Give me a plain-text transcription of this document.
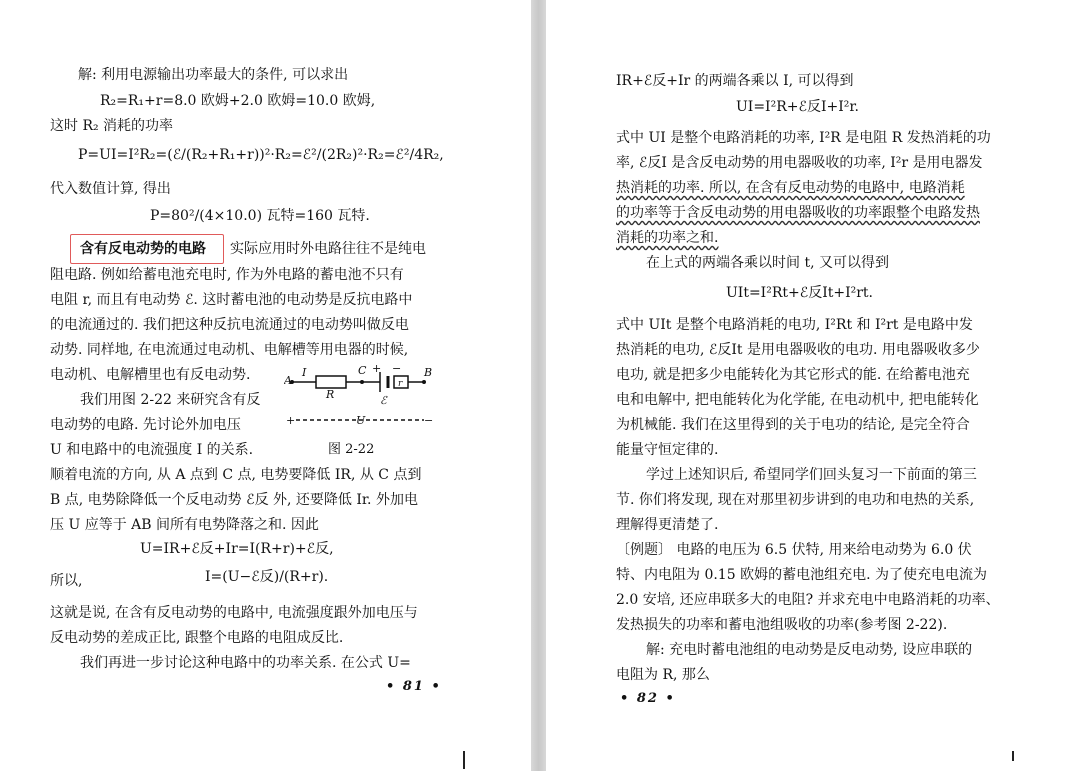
解: 利用电源输出功率最大的条件, 可以求出
R₂=R₁+r=8.0 欧姆+2.0 欧姆=10.0 欧姆,
这时 R₂ 消耗的功率
P=UI=I²R₂=(ℰ/(R₂+R₁+r))²·R₂=ℰ²/(2R₂)²·R₂=ℰ²/4R₂,
代入数值计算, 得出
P=80²/(4×10.0) 瓦特=160 瓦特.
含有反电动势的电路 实际应用时外电路往往不是纯电
阻电路. 例如给蓄电池充电时, 作为外电路的蓄电池不只有
电阻 r, 而且有电动势 ℰ. 这时蓄电池的电动势是反抗电路中
的电流通过的. 我们把这种反抗电流通过的电动势叫做反电
动势. 同样地, 在电流通过电动机、电解槽等用电器的时候,
电动机、电解槽里也有反电动势.
我们用图 2-22 来研究含有反
电动势的电路. 先讨论外加电压
U 和电路中的电流强度 I 的关系.
A
I
R
C + −
ℰ
r
B
+	U	−
图 2-22
顺着电流的方向, 从 A 点到 C 点, 电势要降低 IR, 从 C 点到
B 点, 电势除降低一个反电动势 ℰ反 外, 还要降低 Ir. 外加电
压 U 应等于 AB 间所有电势降落之和. 因此
U=IR+ℰ反+Ir=I(R+r)+ℰ反,
所以,	I=(U−ℰ反)/(R+r).
这就是说, 在含有反电动势的电路中, 电流强度跟外加电压与
反电动势的差成正比, 跟整个电路的电阻成反比.
我们再进一步讨论这种电路中的功率关系. 在公式 U=
• 81 •
IR+ℰ反+Ir 的两端各乘以 I, 可以得到
UI=I²R+ℰ反I+I²r.
式中 UI 是整个电路消耗的功率, I²R 是电阻 R 发热消耗的功
率, ℰ反I 是含反电动势的用电器吸收的功率, I²r 是用电器发
热消耗的功率. 所以, 在含有反电动势的电路中, 电路消耗
的功率等于含反电动势的用电器吸收的功率跟整个电路发热
消耗的功率之和.
在上式的两端各乘以时间 t, 又可以得到
UIt=I²Rt+ℰ反It+I²rt.
式中 UIt 是整个电路消耗的电功, I²Rt 和 I²rt 是电路中发
热消耗的电功, ℰ反It 是用电器吸收的电功. 用电器吸收多少
电功, 就是把多少电能转化为其它形式的能. 在给蓄电池充
电和电解中, 把电能转化为化学能, 在电动机中, 把电能转化
为机械能. 我们在这里得到的关于电功的结论, 是完全符合
能量守恒定律的.
学过上述知识后, 希望同学们回头复习一下前面的第三
节. 你们将发现, 现在对那里初步讲到的电功和电热的关系,
理解得更清楚了.
〔例题〕 电路的电压为 6.5 伏特, 用来给电动势为 6.0 伏
特、内电阻为 0.15 欧姆的蓄电池组充电. 为了使充电电流为
2.0 安培, 还应串联多大的电阻? 并求充电中电路消耗的功率、
发热损失的功率和蓄电池组吸收的功率(参考图 2-22).
解: 充电时蓄电池组的电动势是反电动势, 设应串联的
电阻为 R, 那么
• 82 •
